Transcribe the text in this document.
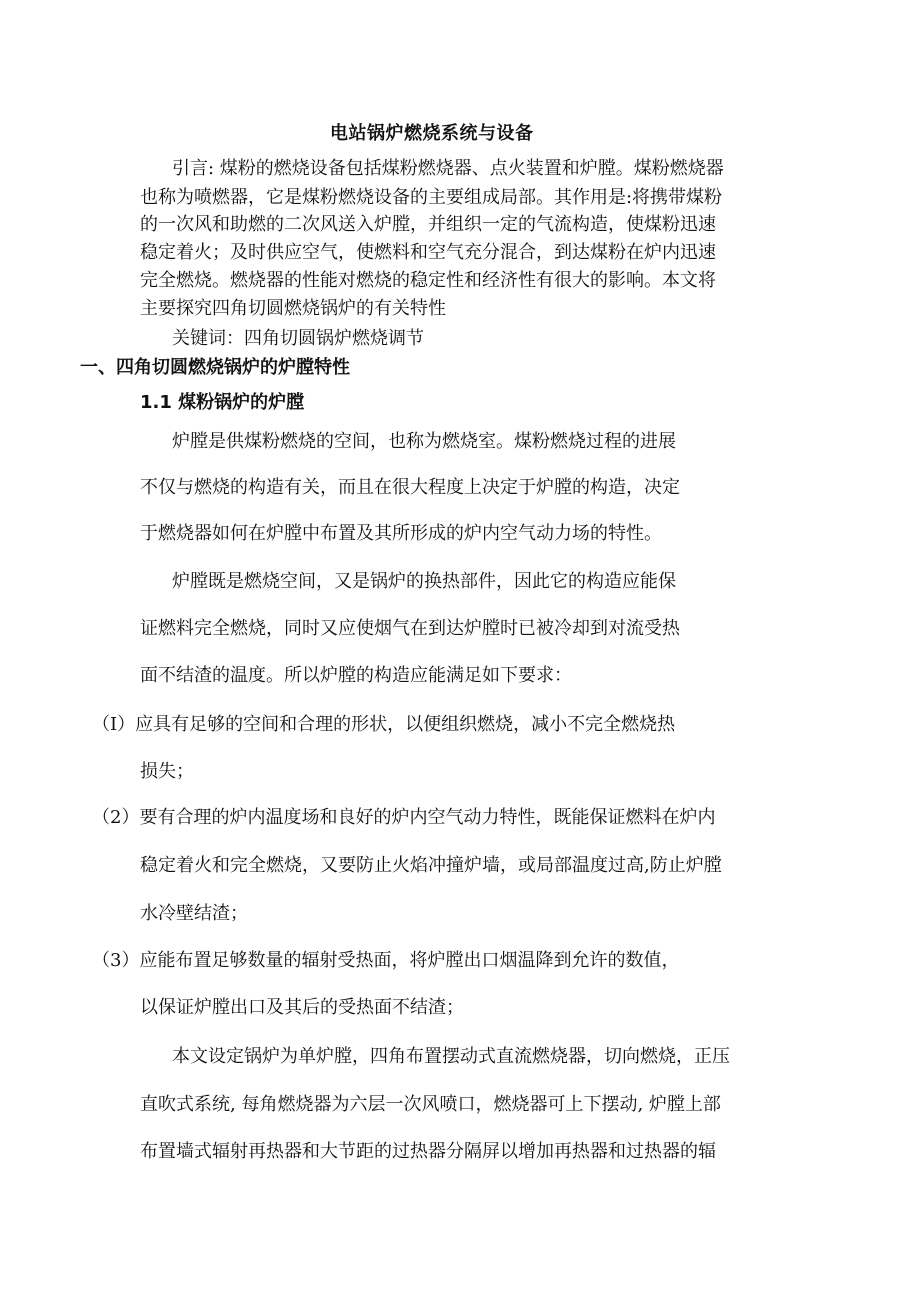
电站锅炉燃烧系统与设备
引言: 煤粉的燃烧设备包括煤粉燃烧器、点火装置和炉膛。煤粉燃烧器
也称为喷燃器，它是煤粉燃烧设备的主要组成局部。其作用是:将携带煤粉
的一次风和助燃的二次风送入炉膛，并组织一定的气流构造，使煤粉迅速
稳定着火；及时供应空气，使燃料和空气充分混合，到达煤粉在炉内迅速
完全燃烧。燃烧器的性能对燃烧的稳定性和经济性有很大的影响。本文将
主要探究四角切圆燃烧锅炉的有关特性
关键词：四角切圆锅炉燃烧调节
一、四角切圆燃烧锅炉的炉膛特性
1.1 煤粉锅炉的炉膛
炉膛是供煤粉燃烧的空间，也称为燃烧室。煤粉燃烧过程的进展
不仅与燃烧的构造有关，而且在很大程度上决定于炉膛的构造，决定
于燃烧器如何在炉膛中布置及其所形成的炉内空气动力场的特性。
炉膛既是燃烧空间，又是锅炉的换热部件，因此它的构造应能保
证燃料完全燃烧，同时又应使烟气在到达炉膛时已被冷却到对流受热
面不结渣的温度。所以炉膛的构造应能满足如下要求：
（I）应具有足够的空间和合理的形状，以便组织燃烧，减小不完全燃烧热
损失；
（2）要有合理的炉内温度场和良好的炉内空气动力特性，既能保证燃料在炉内
稳定着火和完全燃烧，又要防止火焰冲撞炉墙，或局部温度过高,防止炉膛
水冷壁结渣；
（3）应能布置足够数量的辐射受热面，将炉膛出口烟温降到允许的数值，
以保证炉膛出口及其后的受热面不结渣；
本文设定锅炉为单炉膛，四角布置摆动式直流燃烧器，切向燃烧，正压
直吹式系统, 每角燃烧器为六层一次风喷口，燃烧器可上下摆动, 炉膛上部
布置墙式辐射再热器和大节距的过热器分隔屏以增加再热器和过热器的辐
